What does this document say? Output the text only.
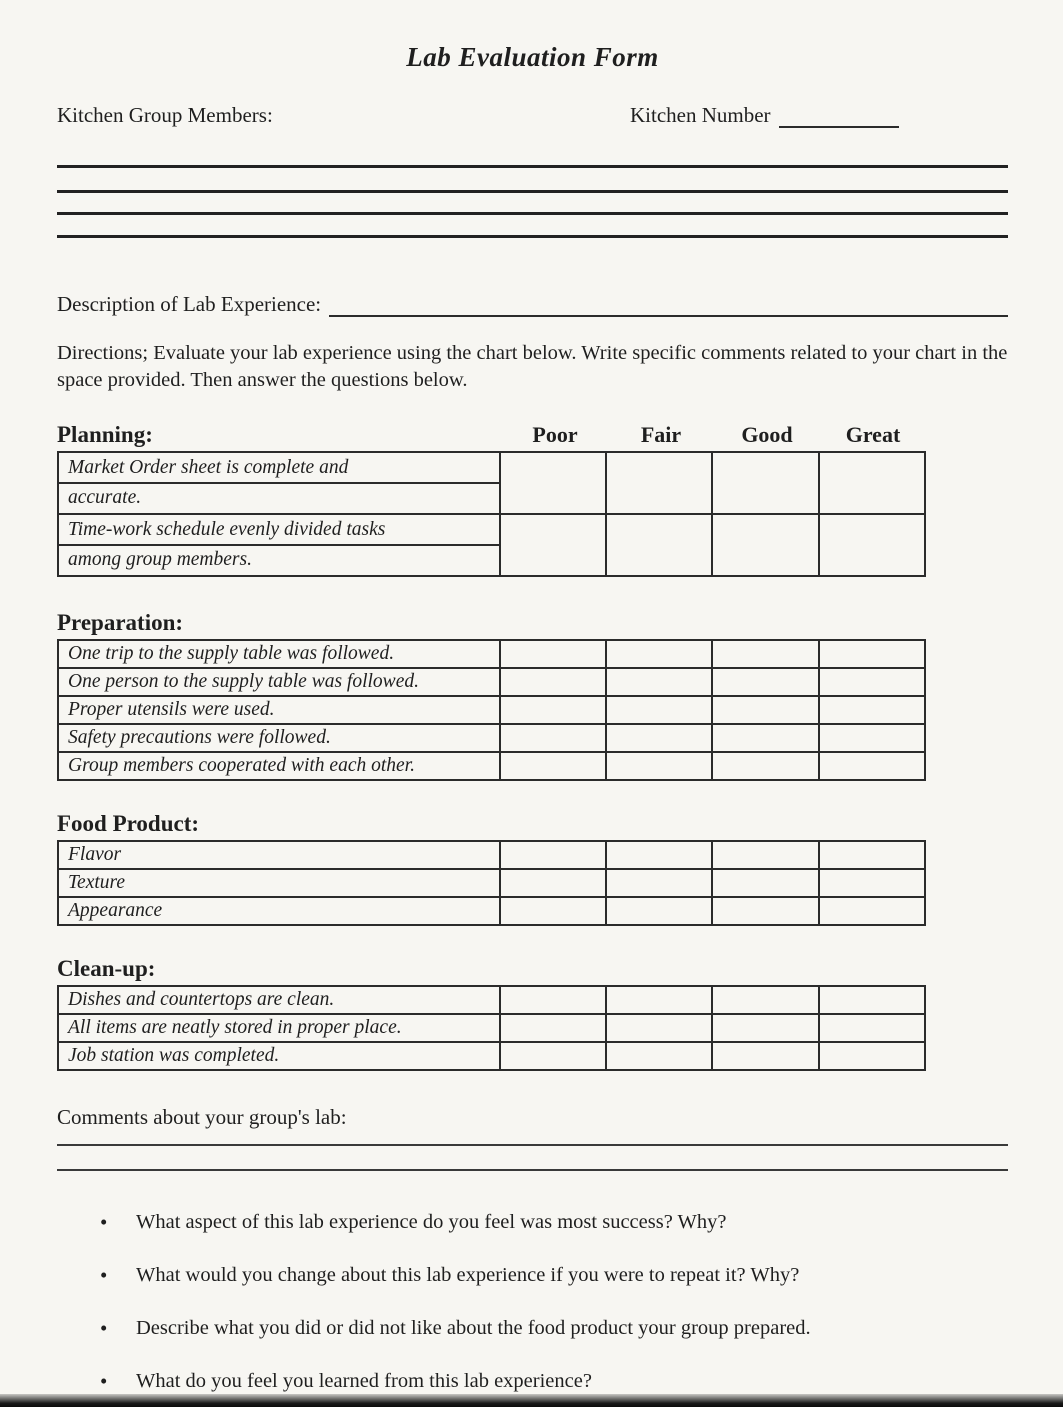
Lab Evaluation Form
Kitchen Group Members:	Kitchen Number
Description of Lab Experience:
Directions; Evaluate your lab experience using the chart below. Write specific comments related to your chart in the space provided. Then answer the questions below.
Planning:	Poor	Fair	Good	Great
Market Order sheet is complete and
accurate.				

Time-work schedule evenly divided tasks
among group members.				

Preparation:
One trip to the supply table was followed.				
One person to the supply table was followed.				
Proper utensils were used.				
Safety precautions were followed.				
Group members cooperated with each other.				
Food Product:
Flavor				
Texture				
Appearance				
Clean-up:
Dishes and countertops are clean.				
All items are neatly stored in proper place.				
Job station was completed.				
Comments about your group's lab:
•	What aspect of this lab experience do you feel was most success? Why?
•	What would you change about this lab experience if you were to repeat it? Why?
•	Describe what you did or did not like about the food product your group prepared.
•	What do you feel you learned from this lab experience?
